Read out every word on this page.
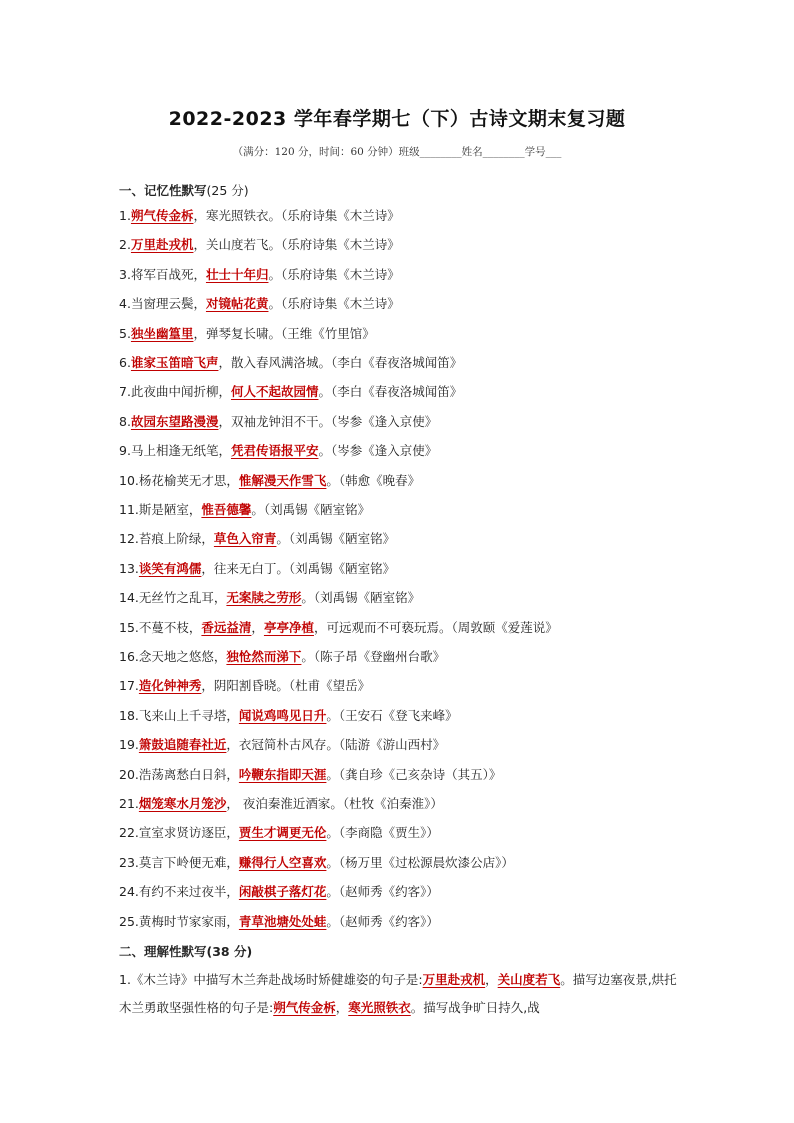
2022-2023 学年春学期七（下）古诗文期末复习题
（满分：120 分，时间：60 分钟）班级________姓名________学号___
一、记忆性默写(25 分)
1.朔气传金柝，寒光照铁衣。（乐府诗集《木兰诗》
2.万里赴戎机，关山度若飞。（乐府诗集《木兰诗》
3.将军百战死，壮士十年归。（乐府诗集《木兰诗》
4.当窗理云鬓，对镜帖花黄。（乐府诗集《木兰诗》
5.独坐幽篁里，弹琴复长啸。（王维《竹里馆》
6.谁家玉笛暗飞声，散入春风满洛城。（李白《春夜洛城闻笛》
7.此夜曲中闻折柳，何人不起故园情。（李白《春夜洛城闻笛》
8.故园东望路漫漫，双袖龙钟泪不干。（岑参《逢入京使》
9.马上相逢无纸笔，凭君传语报平安。（岑参《逢入京使》
10.杨花榆荚无才思，惟解漫天作雪飞。（韩愈《晚春》
11.斯是陋室，惟吾德馨。（刘禹锡《陋室铭》
12.苔痕上阶绿，草色入帘青。（刘禹锡《陋室铭》
13.谈笑有鸿儒，往来无白丁。（刘禹锡《陋室铭》
14.无丝竹之乱耳，无案牍之劳形。（刘禹锡《陋室铭》
15.不蔓不枝，香远益清，亭亭净植，可远观而不可亵玩焉。（周敦颐《爱莲说》
16.念天地之悠悠，独怆然而涕下。（陈子昂《登幽州台歌》
17.造化钟神秀，阴阳割昏晓。（杜甫《望岳》
18.飞来山上千寻塔，闻说鸡鸣见日升。（王安石《登飞来峰》
19.箫鼓追随春社近，衣冠简朴古风存。（陆游《游山西村》
20.浩荡离愁白日斜，吟鞭东指即天涯。（龚自珍《己亥杂诗（其五）》
21.烟笼寒水月笼沙， 夜泊秦淮近酒家。（杜牧《泊秦淮》）
22.宣室求贤访逐臣，贾生才调更无伦。（李商隐《贾生》）
23.莫言下岭便无难，赚得行人空喜欢。（杨万里《过松源晨炊漆公店》）
24.有约不来过夜半，闲敲棋子落灯花。（赵师秀《约客》）
25.黄梅时节家家雨，青草池塘处处蛙。（赵师秀《约客》）
二、理解性默写(38 分)
1.《木兰诗》中描写木兰奔赴战场时矫健雄姿的句子是:万里赴戎机，关山度若飞。描写边塞夜景,烘托木兰勇敢坚强性格的句子是:朔气传金柝，寒光照铁衣。描写战争旷日持久,战
